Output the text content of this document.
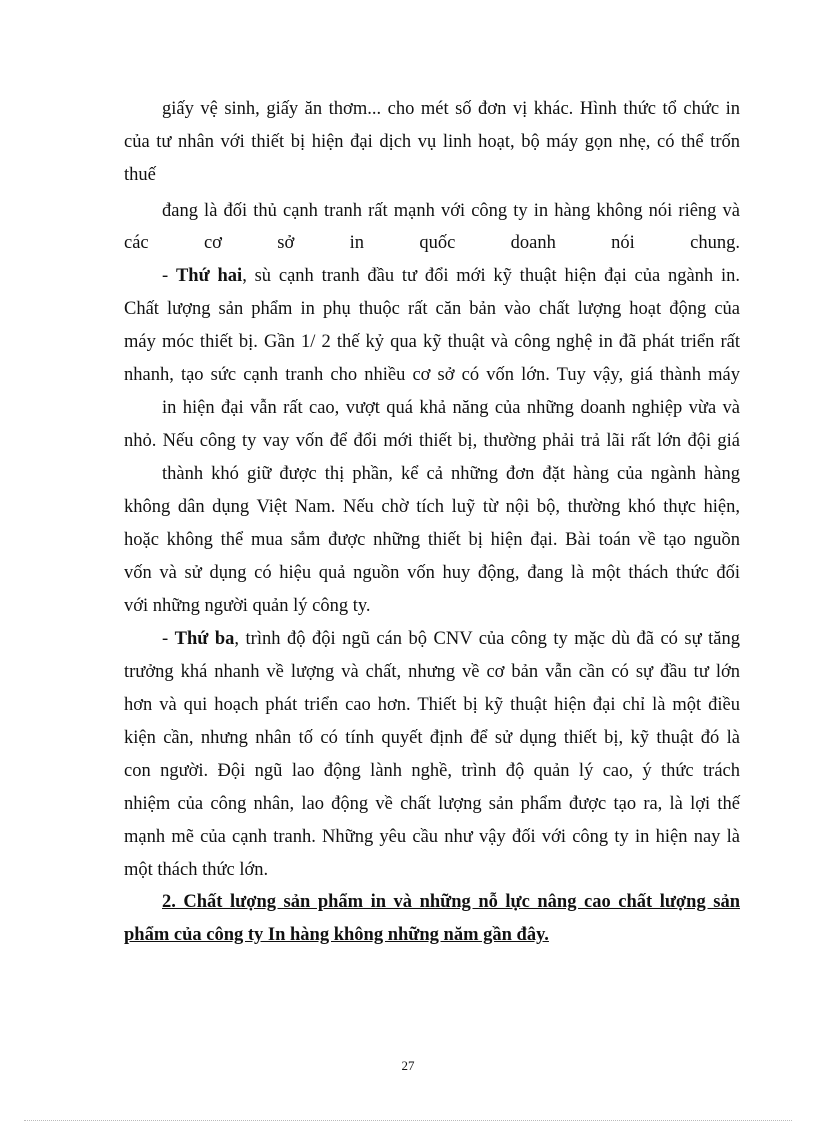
giấy vệ sinh, giấy ăn thơm... cho mét số đơn vị khác. Hình thức tổ chức in
của tư nhân với thiết bị hiện đại dịch vụ linh hoạt, bộ máy gọn nhẹ, có thể trốn
thuế
đang là đối thủ cạnh tranh rất mạnh với công ty in hàng không nói riêng và
các	cơ	sở	in	quốc	doanh	nói	chung.
- Thứ hai, sù cạnh tranh đầu tư đổi mới kỹ thuật hiện đại của ngành in.
Chất lượng sản phẩm in phụ thuộc rất căn bản vào chất lượng hoạt động của
máy móc thiết bị. Gần 1/ 2 thế kỷ qua kỹ thuật và công nghệ in đã phát triển rất
nhanh, tạo sức cạnh tranh cho nhiều cơ sở có vốn lớn. Tuy vậy, giá thành máy
in hiện đại vẫn rất cao, vượt quá khả năng của những doanh nghiệp vừa và
nhỏ. Nếu công ty vay vốn để đổi mới thiết bị, thường phải trả lãi rất lớn đội giá
thành khó giữ được thị phần, kể cả những đơn đặt hàng của ngành hàng
không dân dụng Việt Nam. Nếu chờ tích luỹ từ nội bộ, thường khó thực hiện,
hoặc không thể mua sắm được những thiết bị hiện đại. Bài toán về tạo nguồn
vốn và sử dụng có hiệu quả nguồn vốn huy động, đang là một thách thức đối
với những người quản lý công ty.
- Thứ ba, trình độ đội ngũ cán bộ CNV của công ty mặc dù đã có sự tăng
trưởng khá nhanh về lượng và chất, nhưng về cơ bản vẫn cần có sự đầu tư lớn
hơn và qui hoạch phát triển cao hơn. Thiết bị kỹ thuật hiện đại chỉ là một điều
kiện cần, nhưng nhân tố có tính quyết định để sử dụng thiết bị, kỹ thuật đó là
con người. Đội ngũ lao động lành nghề, trình độ quản lý cao, ý thức trách
nhiệm của công nhân, lao động về chất lượng sản phẩm được tạo ra, là lợi thế
mạnh mẽ của cạnh tranh. Những yêu cầu như vậy đối với công ty in hiện nay là
một thách thức lớn.
2. Chất lượng sản phẩm in và những nỗ lực nâng cao chất lượng sản
phẩm của công ty In hàng không những năm gần đây.
27
